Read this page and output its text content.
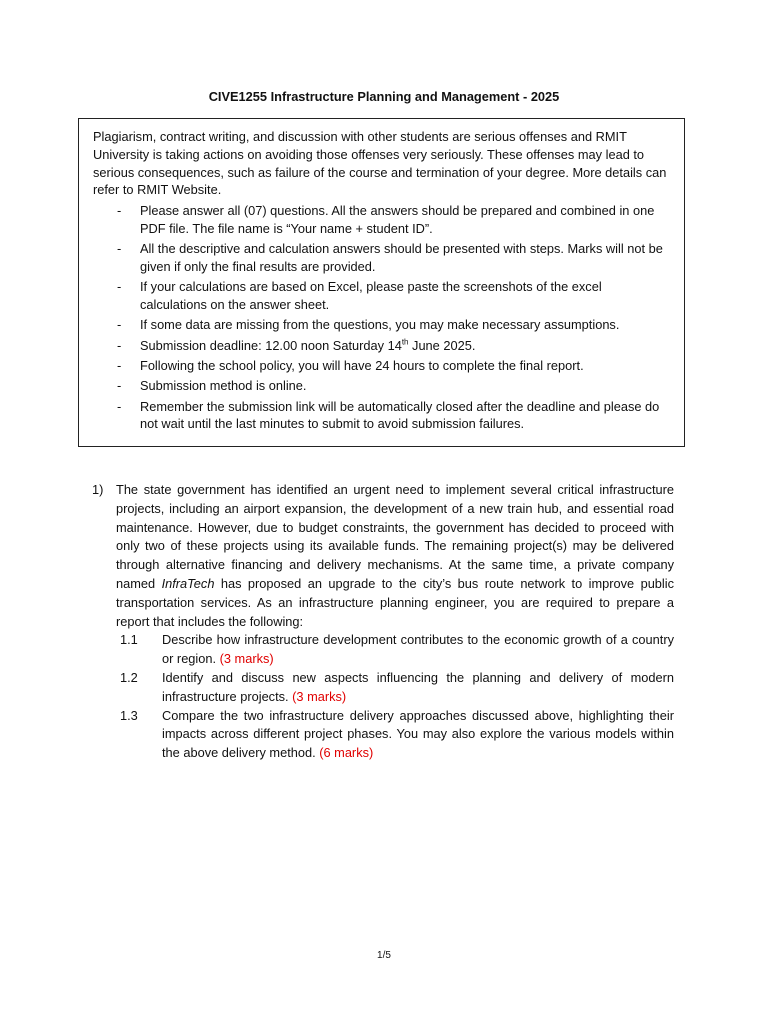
CIVE1255 Infrastructure Planning and Management - 2025

Plagiarism, contract writing, and discussion with other students are serious offenses and RMIT University is taking actions on avoiding those offenses very seriously. These offenses may lead to serious consequences, such as failure of the course and termination of your degree. More details can refer to RMIT Website.

- Please answer all (07) questions. All the answers should be prepared and combined in one PDF file. The file name is “Your name + student ID”.
- All the descriptive and calculation answers should be presented with steps. Marks will not be given if only the final results are provided.
- If your calculations are based on Excel, please paste the screenshots of the excel calculations on the answer sheet.
- If some data are missing from the questions, you may make necessary assumptions.
- Submission deadline: 12.00 noon Saturday 14th June 2025.
- Following the school policy, you will have 24 hours to complete the final report.
- Submission method is online.
- Remember the submission link will be automatically closed after the deadline and please do not wait until the last minutes to submit to avoid submission failures.
1) The state government has identified an urgent need to implement several critical infrastructure projects, including an airport expansion, the development of a new train hub, and essential road maintenance. However, due to budget constraints, the government has decided to proceed with only two of these projects using its available funds. The remaining project(s) may be delivered through alternative financing and delivery mechanisms. At the same time, a private company named InfraTech has proposed an upgrade to the city’s bus route network to improve public transportation services. As an infrastructure planning engineer, you are required to prepare a report that includes the following:
1.1 Describe how infrastructure development contributes to the economic growth of a country or region. (3 marks)
1.2 Identify and discuss new aspects influencing the planning and delivery of modern infrastructure projects. (3 marks)
1.3 Compare the two infrastructure delivery approaches discussed above, highlighting their impacts across different project phases. You may also explore the various models within the above delivery method. (6 marks)
1/5
